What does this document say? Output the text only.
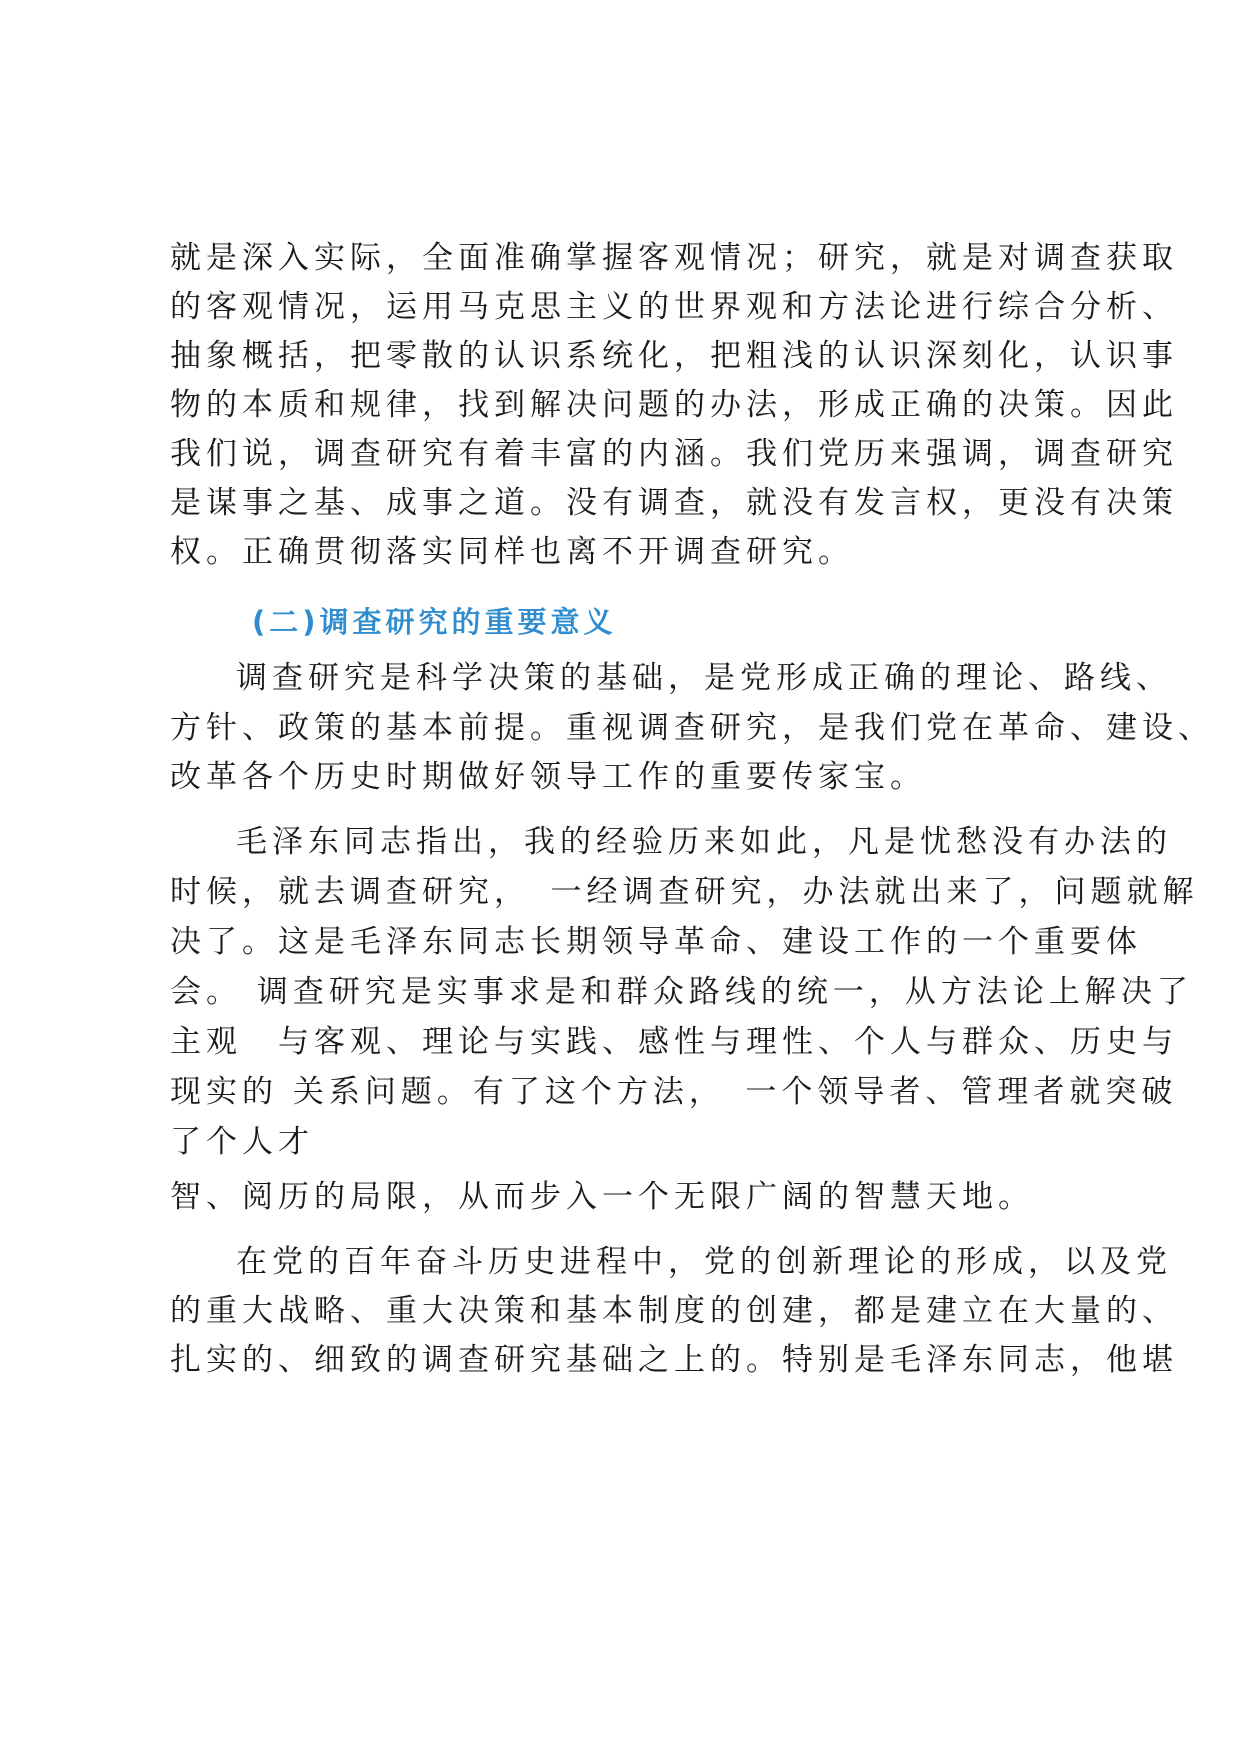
就是深入实际，全面准确掌握客观情况；研究，就是对调查获取
的客观情况，运用马克思主义的世界观和方法论进行综合分析、
抽象概括，把零散的认识系统化，把粗浅的认识深刻化，认识事
物的本质和规律，找到解决问题的办法，形成正确的决策。因此
我们说，调查研究有着丰富的内涵。我们党历来强调，调查研究
是谋事之基、成事之道。没有调查，就没有发言权，更没有决策
权。正确贯彻落实同样也离不开调查研究。
(二)调查研究的重要意义
调查研究是科学决策的基础，是党形成正确的理论、路线、
方针、政策的基本前提。重视调查研究，是我们党在革命、建设、
改革各个历史时期做好领导工作的重要传家宝。
毛泽东同志指出，我的经验历来如此，凡是忧愁没有办法的
时候，就去调查研究，　一经调查研究，办法就出来了，问题就解
决了。这是毛泽东同志长期领导革命、建设工作的一个重要体
会。 调查研究是实事求是和群众路线的统一，从方法论上解决了
主观　与客观、理论与实践、感性与理性、个人与群众、历史与
现实的 关系问题。有了这个方法，　一个领导者、管理者就突破
了个人才
智、阅历的局限，从而步入一个无限广阔的智慧天地。
在党的百年奋斗历史进程中，党的创新理论的形成，以及党
的重大战略、重大决策和基本制度的创建，都是建立在大量的、
扎实的、细致的调查研究基础之上的。特别是毛泽东同志，他堪
